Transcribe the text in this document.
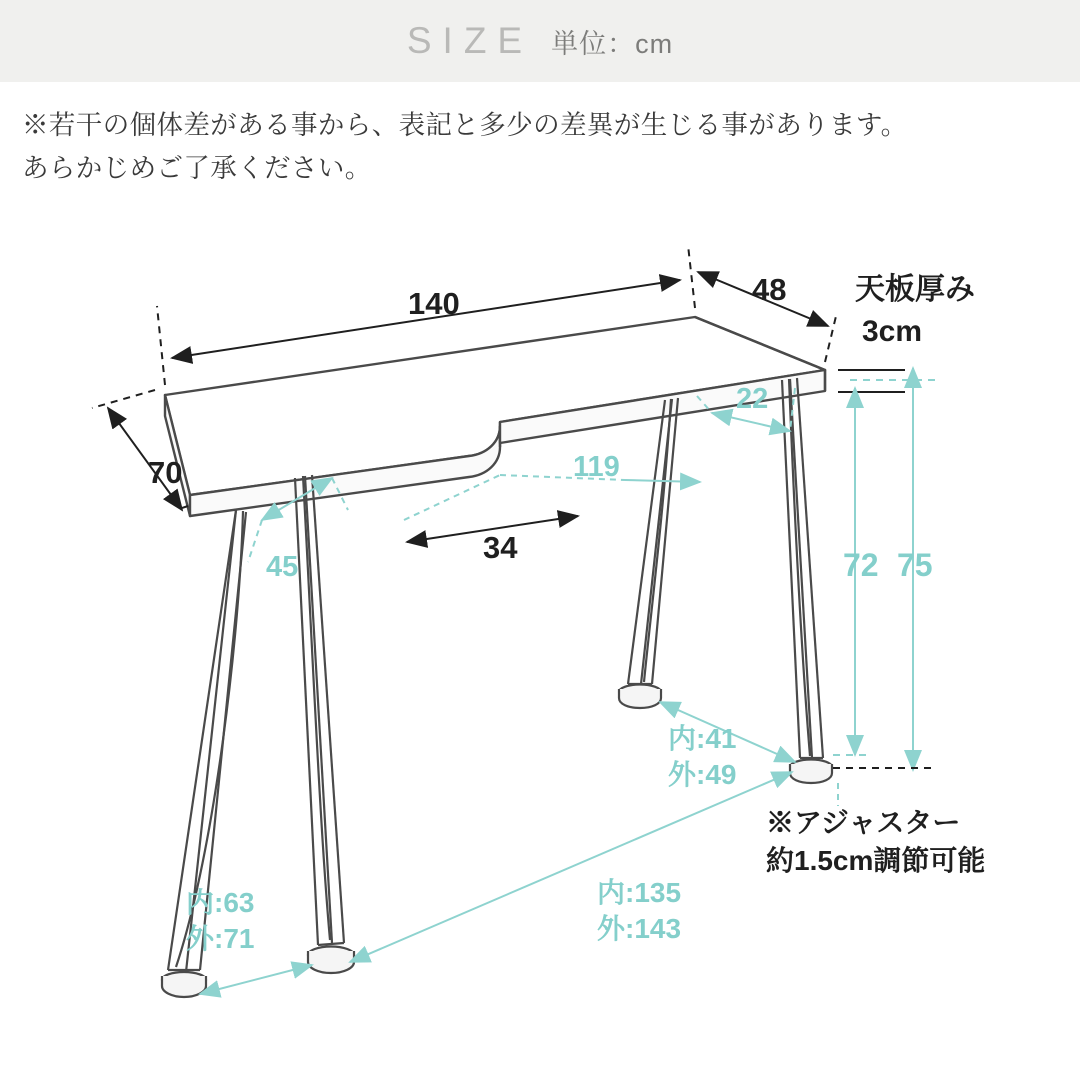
SIZE 単位：cm
※若干の個体差がある事から、表記と多少の差異が生じる事があります。
あらかじめご了承ください。
140	48 天板厚み
3cm
70
22
119
34
45	72 75
内:41
外:49
内:63
外:71
内:135
外:143
※アジャスター
約1.5cm調節可能
